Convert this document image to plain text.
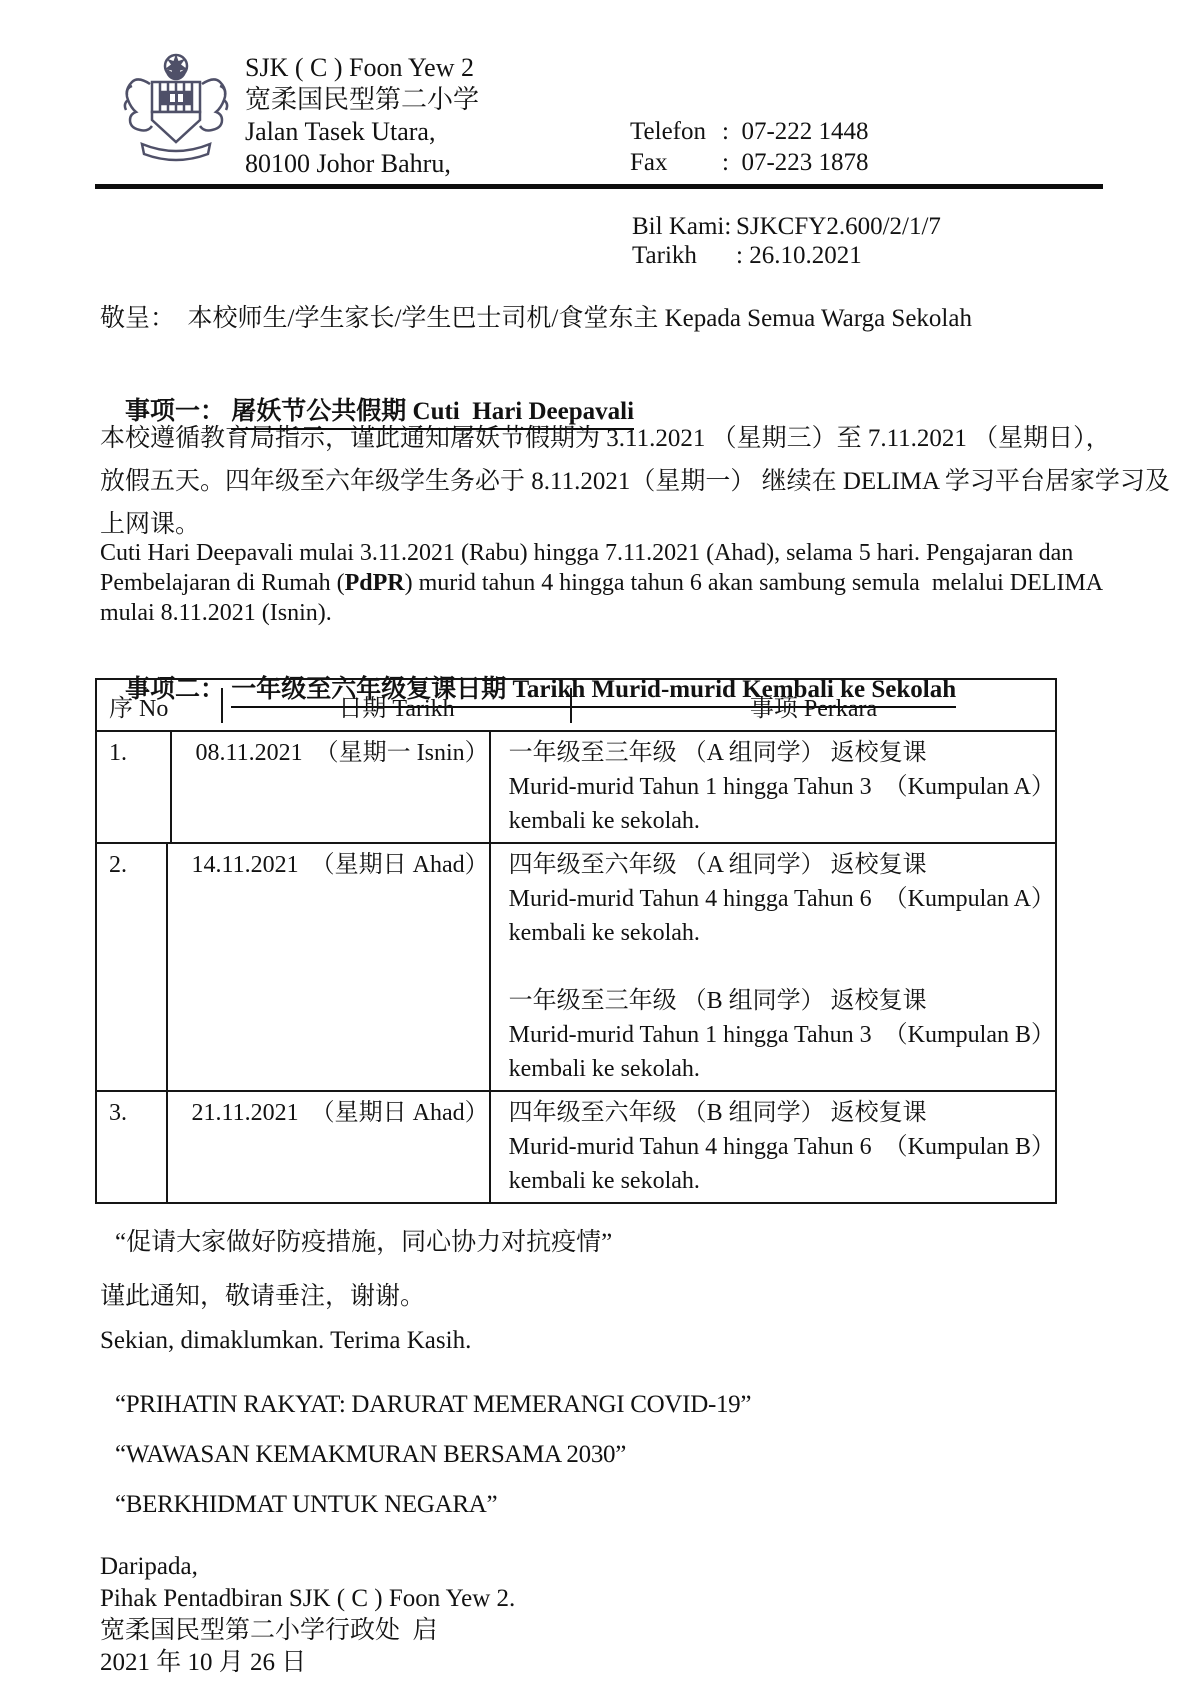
SJK ( C ) Foon Yew 2
宽柔国民型第二小学
Jalan Tasek Utara,
80100 Johor Bahru,
Telefon :  07-222 1448
Fax	:  07-223 1878
Bil Kami: SJKCFY2.600/2/1/7
Tarikh	: 26.10.2021
敬呈：  本校师生/学生家长/学生巴士司机/食堂东主 Kepada Semua Warga Sekolah

事项一： 屠妖节公共假期 Cuti  Hari Deepavali

本校遵循教育局指示，谨此通知屠妖节假期为 3.11.2021 （星期三）至 7.11.2021 （星期日），
放假五天。四年级至六年级学生务必于 8.11.2021（星期一） 继续在 DELIMA 学习平台居家学习及
上网课。
Cuti Hari Deepavali mulai 3.11.2021 (Rabu) hingga 7.11.2021 (Ahad), selama 5 hari. Pengajaran dan
Pembelajaran di Rumah (PdPR) murid tahun 4 hingga tahun 6 akan sambung semula  melalui DELIMA
mulai 8.11.2021 (Isnin).

事项二： 一年级至六年级复课日期 Tarikh Murid-murid Kembali ke Sekolah

序 No	日期 Tarikh	事项 Perkara
1.	08.11.2021  （星期一 Isnin） 一年级至三年级 （A 组同学） 返校复课
Murid-murid Tahun 1 hingga Tahun 3  （Kumpulan A）
kembali ke sekolah.
2.	14.11.2021  （星期日 Ahad） 四年级至六年级 （A 组同学） 返校复课
Murid-murid Tahun 4 hingga Tahun 6  （Kumpulan A）
kembali ke sekolah.
一年级至三年级 （B 组同学） 返校复课
Murid-murid Tahun 1 hingga Tahun 3  （Kumpulan B）
kembali ke sekolah.
3.	21.11.2021  （星期日 Ahad） 四年级至六年级 （B 组同学） 返校复课
Murid-murid Tahun 4 hingga Tahun 6  （Kumpulan B）
kembali ke sekolah.
“促请大家做好防疫措施，同心协力对抗疫情”
谨此通知，敬请垂注，谢谢。
Sekian, dimaklumkan. Terima Kasih.
“PRIHATIN RAKYAT: DARURAT MEMERANGI COVID-19”
“WAWASAN KEMAKMURAN BERSAMA 2030”
“BERKHIDMAT UNTUK NEGARA”
Daripada,
Pihak Pentadbiran SJK ( C ) Foon Yew 2.
宽柔国民型第二小学行政处  启
2021 年 10 月 26 日
